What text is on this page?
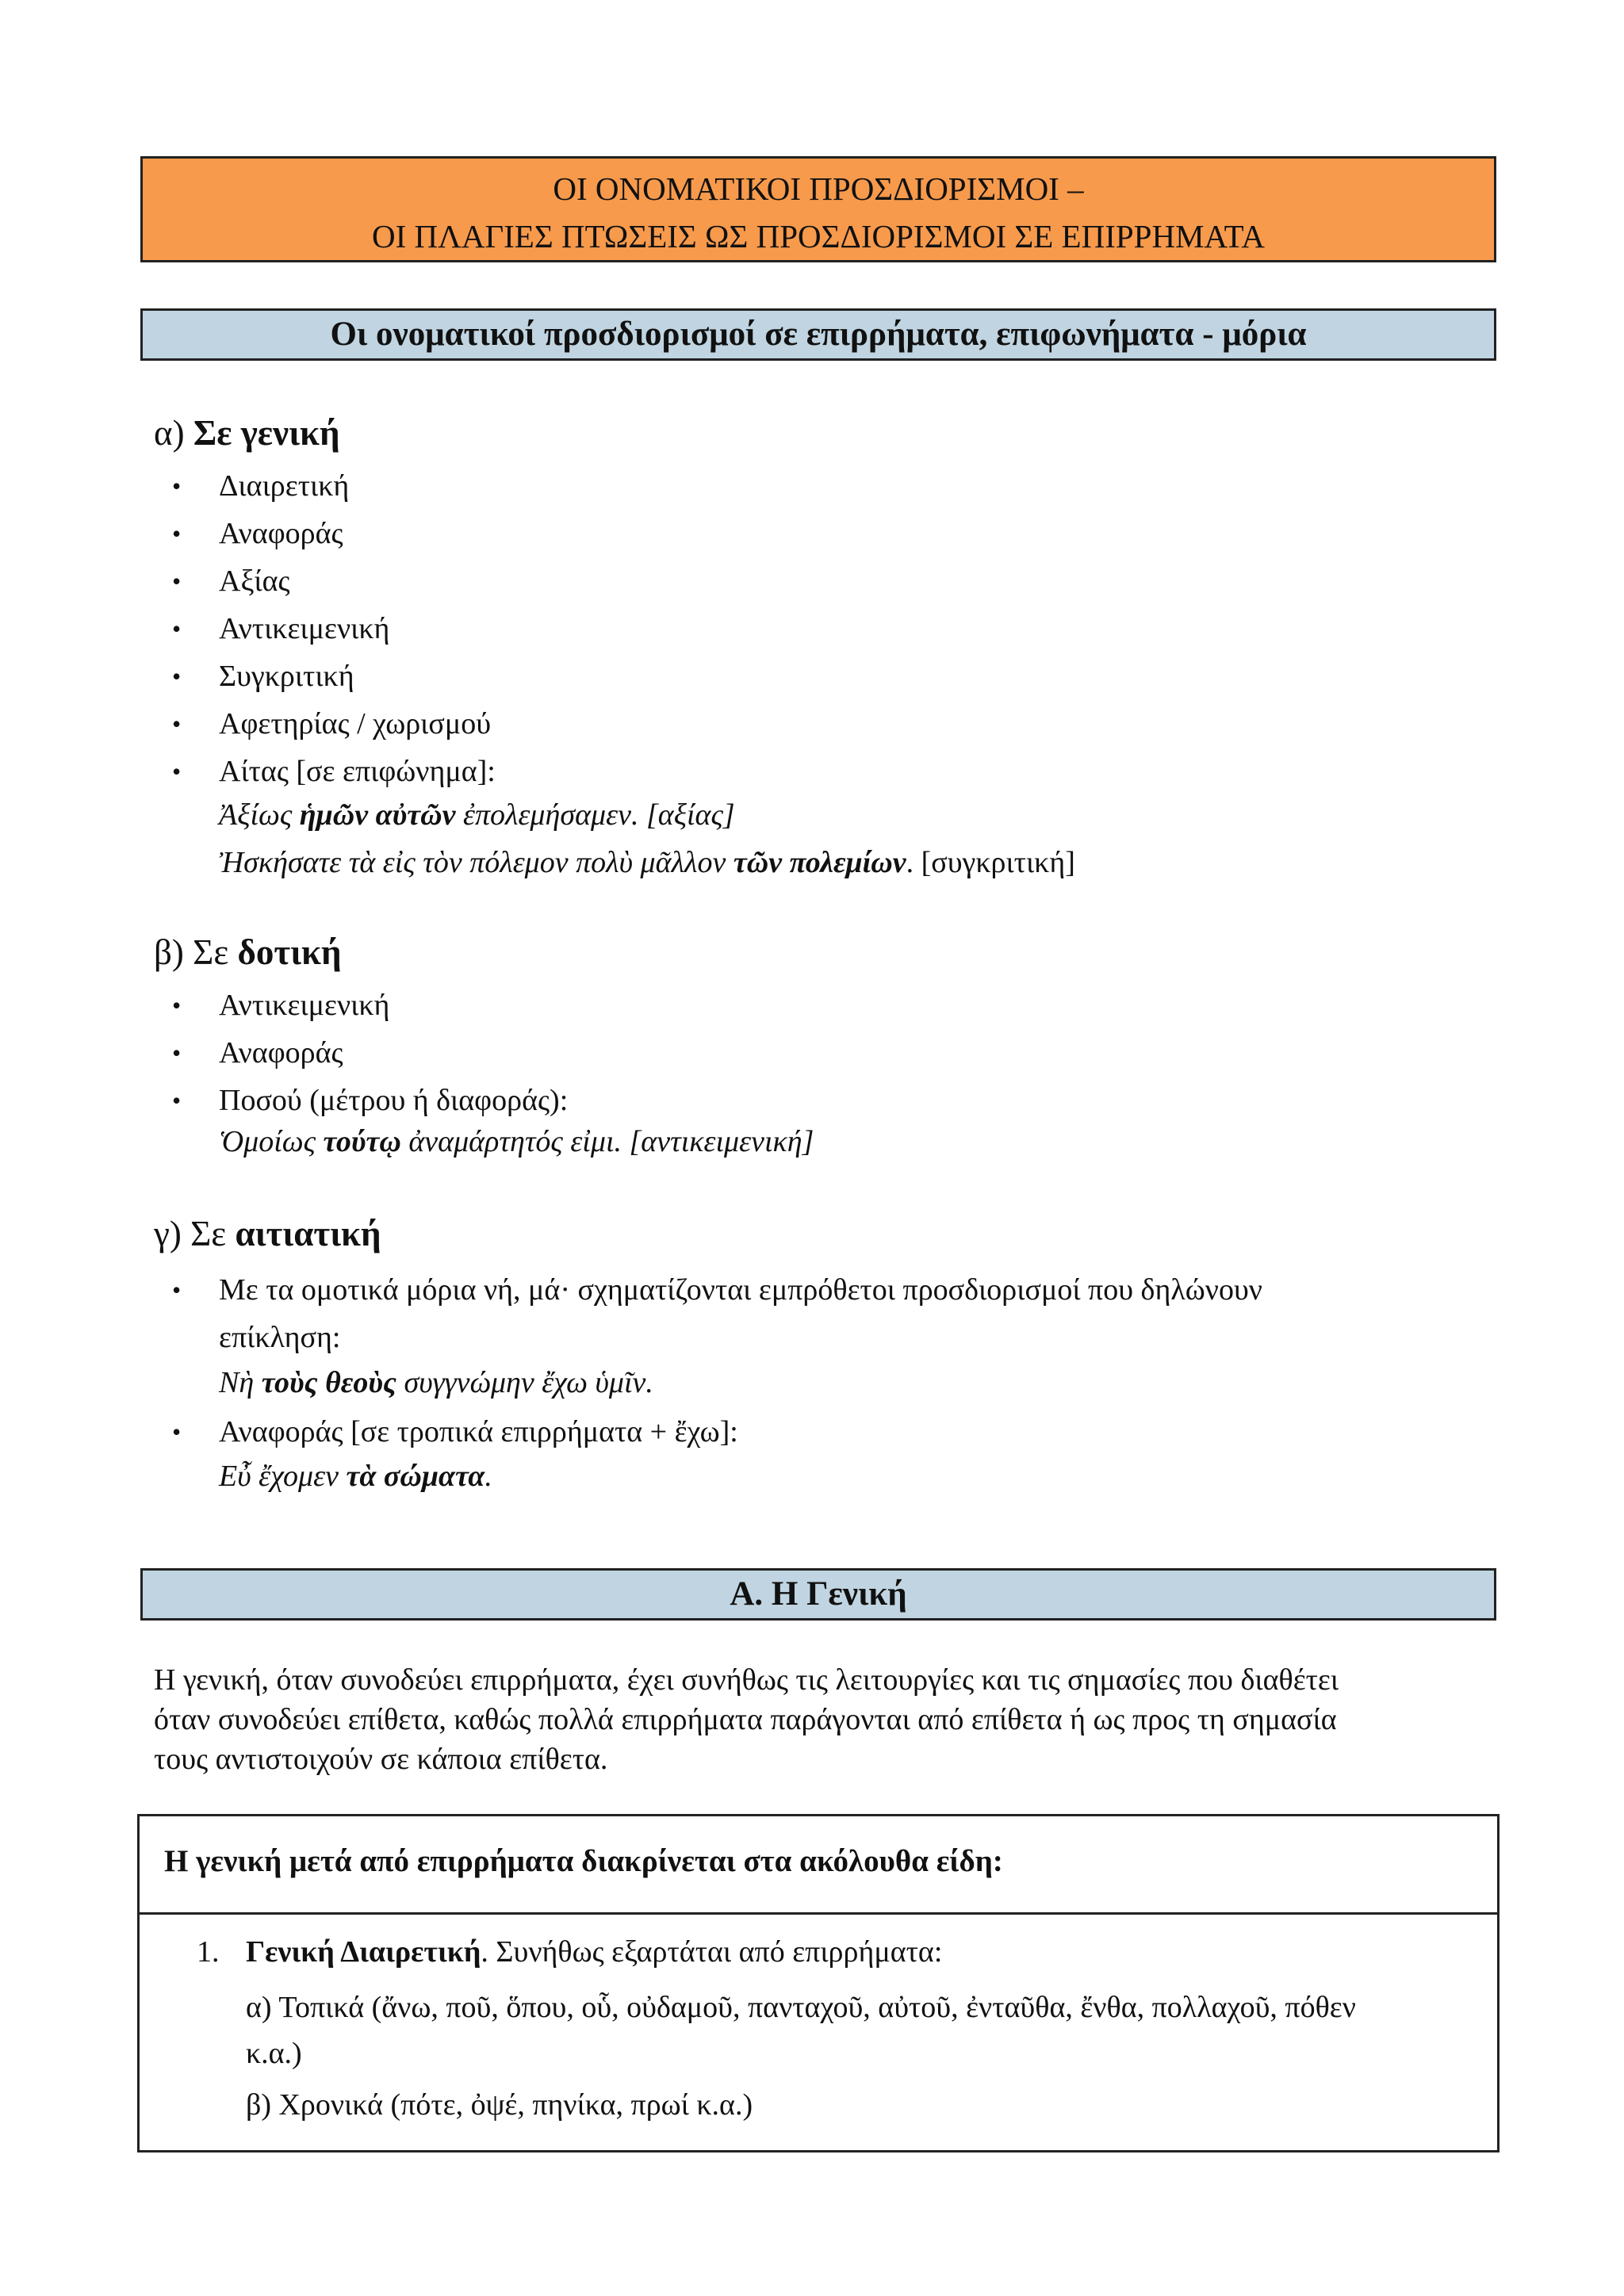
ΟΙ ΟΝΟΜΑΤΙΚΟΙ ΠΡΟΣΔΙΟΡΙΣΜΟΙ –
ΟΙ ΠΛΑΓΙΕΣ ΠΤΩΣΕΙΣ ΩΣ ΠΡΟΣΔΙΟΡΙΣΜΟΙ ΣΕ ΕΠΙΡΡΗΜΑΤΑ
Οι ονοματικοί προσδιορισμοί σε επιρρήματα, επιφωνήματα - μόρια
α) Σε γενική
• Διαιρετική
• Αναφοράς
• Αξίας
• Αντικειμενική
• Συγκριτική
• Αφετηρίας / χωρισμού
• Αίτας [σε επιφώνημα]:
Ἀξίως ἡμῶν αὐτῶν ἐπολεμήσαμεν. [αξίας]
Ἠσκήσατε τὰ εἰς τὸν πόλεμον πολὺ μᾶλλον τῶν πολεμίων. [συγκριτική]
β) Σε δοτική
• Αντικειμενική
• Αναφοράς
• Ποσού (μέτρου ή διαφοράς):
Ὁμοίως τούτῳ ἀναμάρτητός εἰμι. [αντικειμενική]
γ) Σε αιτιατική
• Με τα ομοτικά μόρια νή, μά· σχηματίζονται εμπρόθετοι προσδιορισμοί που δηλώνουν
επίκληση:
Νὴ τοὺς θεοὺς συγγνώμην ἔχω ὑμῖν.
• Αναφοράς [σε τροπικά επιρρήματα + ἔχω]:
Εὖ ἔχομεν τὰ σώματα.
Α. Η Γενική
Η γενική, όταν συνοδεύει επιρρήματα, έχει συνήθως τις λειτουργίες και τις σημασίες που διαθέτει
όταν συνοδεύει επίθετα, καθώς πολλά επιρρήματα παράγονται από επίθετα ή ως προς τη σημασία
τους αντιστοιχούν σε κάποια επίθετα.
Η γενική μετά από επιρρήματα διακρίνεται στα ακόλουθα είδη:
1. Γενική Διαιρετική. Συνήθως εξαρτάται από επιρρήματα:
α) Τοπικά (ἄνω, ποῦ, ὅπου, οὗ, οὐδαμοῦ, πανταχοῦ, αὐτοῦ, ἐνταῦθα, ἔνθα, πολλαχοῦ, πόθεν
κ.α.)
β) Χρονικά (πότε, ὀψέ, πηνίκα, πρωί κ.α.)
